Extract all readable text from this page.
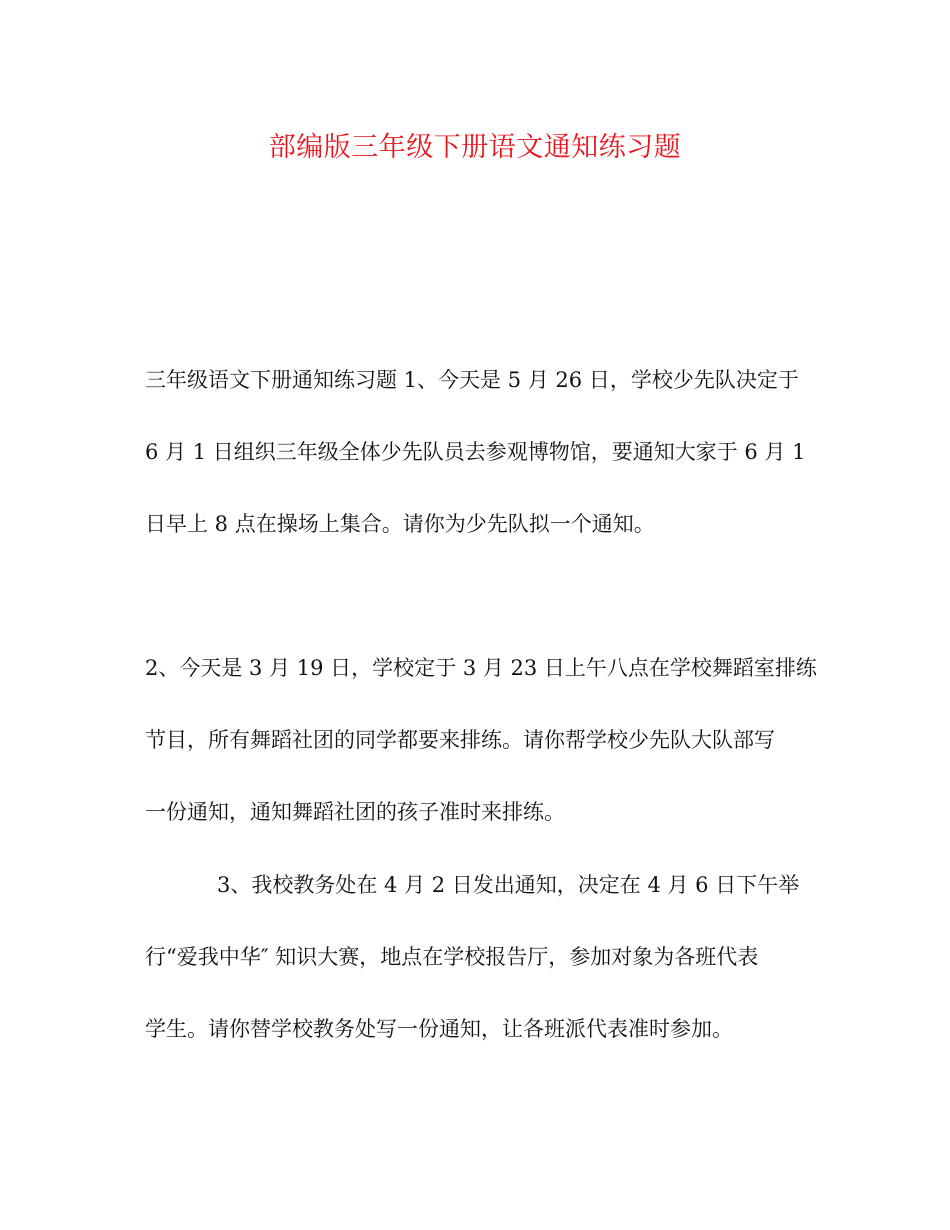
部编版三年级下册语文通知练习题

三年级语文下册通知练习题 1、今天是 5 月 26 日，学校少先队决定于

6 月 1 日组织三年级全体少先队员去参观博物馆，要通知大家于 6 月 1

日早上 8 点在操场上集合。请你为少先队拟一个通知。

2、今天是 3 月 19 日，学校定于 3 月 23 日上午八点在学校舞蹈室排练

节目，所有舞蹈社团的同学都要来排练。请你帮学校少先队大队部写

一份通知，通知舞蹈社团的孩子准时来排练。

3、我校教务处在 4 月 2 日发出通知，决定在 4 月 6 日下午举

行“爱我中华″ 知识大赛，地点在学校报告厅，参加对象为各班代表

学生。请你替学校教务处写一份通知，让各班派代表准时参加。
